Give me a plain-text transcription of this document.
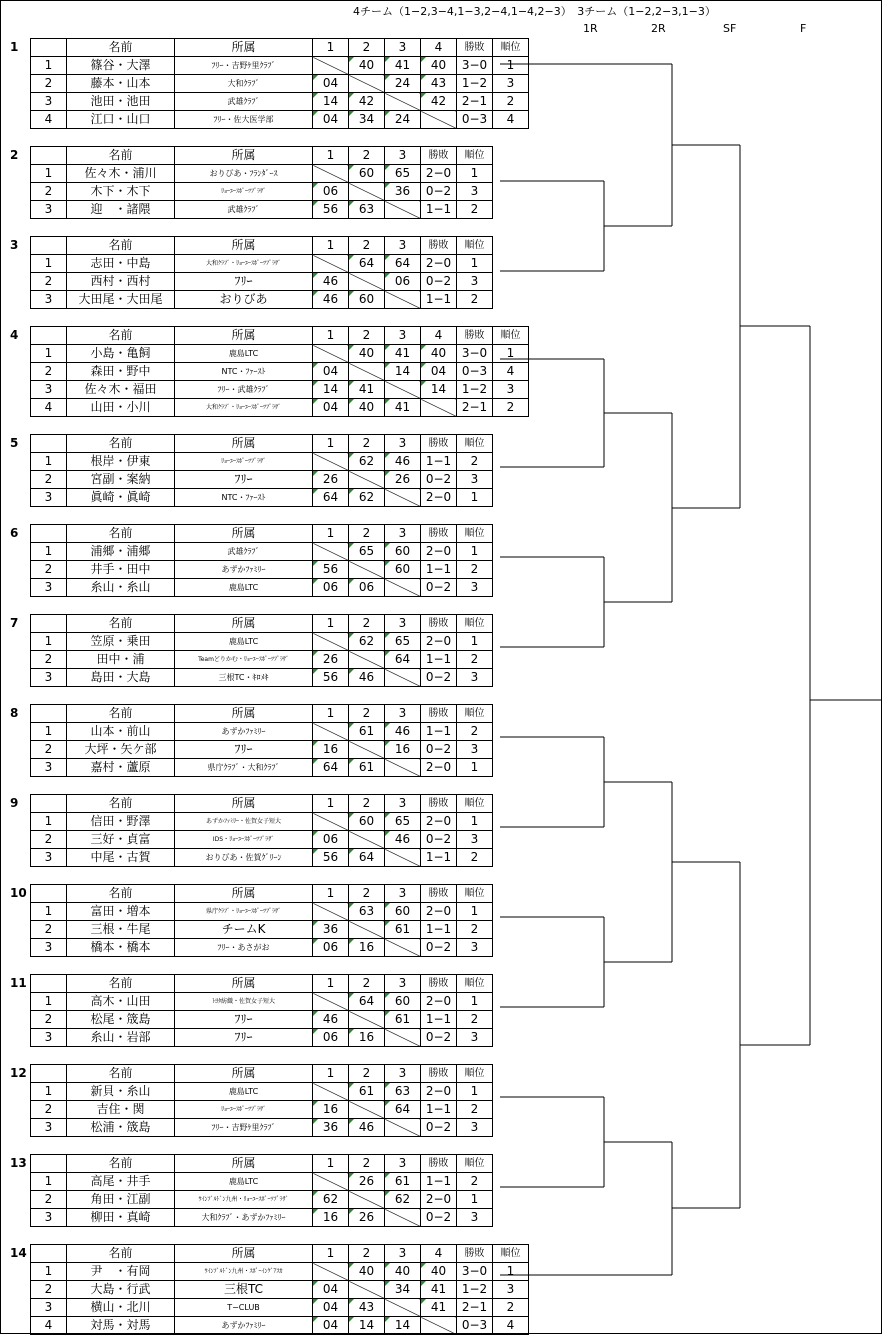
4チーム（1−2,3−4,1−3,2−4,1−4,2−3）　3チーム（1−2,2−3,1−3）
1R	2R	SF	F
1
		名前	所属	1	2	3	4	勝敗	順位
1	篠谷・大澤	ﾌﾘｰ・吉野ｹ里ｸﾗﾌﾞ		40	41	40	3−0	1
2	藤本・山本	大和ｸﾗﾌﾞ	04		24	43	1−2	3
3	池田・池田	武雄ｸﾗﾌﾞ	14	42		42	2−1	2
4	江口・山口	ﾌﾘｰ・佐大医学部	04	34	24		0−3	4
2
		名前	所属	1	2	3	勝敗	順位
1	佐々木・浦川	おりびあ・ﾌﾗﾝﾀﾞｰｽ		60	65	2−0	1
2	木下・木下	ﾘｮｰﾕｰｽﾎﾟｰﾂﾌﾟﾗｻﾞ	06		36	0−2	3
3	迎　・諸隈	武雄ｸﾗﾌﾞ	56	63		1−1	2
3
		名前	所属	1	2	3	勝敗	順位
1	志田・中島	大和ｸﾗﾌﾞ・ﾘｮｰﾕｰｽﾎﾟｰﾂﾌﾟﾗｻﾞ		64	64	2−0	1
2	西村・西村	ﾌﾘｰ	46		06	0−2	3
3	大田尾・大田尾	おりびあ	46	60		1−1	2
4
		名前	所属	1	2	3	4	勝敗	順位
1	小島・亀飼	鹿島LTC		40	41	40	3−0	1
2	森田・野中	NTC・ﾌｧｰｽﾄ	04		14	04	0−3	4
3	佐々木・福田	ﾌﾘｰ・武雄ｸﾗﾌﾞ	14	41		14	1−2	3
4	山田・小川	大和ｸﾗﾌﾞ・ﾘｮｰﾕｰｽﾎﾟｰﾂﾌﾟﾗｻﾞ	04	40	41		2−1	2
5
		名前	所属	1	2	3	勝敗	順位
1	根岸・伊東	ﾘｮｰﾕｰｽﾎﾟｰﾂﾌﾟﾗｻﾞ		62	46	1−1	2
2	宮副・案納	ﾌﾘｰ	26		26	0−2	3
3	眞崎・眞崎	NTC・ﾌｧｰｽﾄ	64	62		2−0	1
6
		名前	所属	1	2	3	勝敗	順位
1	浦郷・浦郷	武雄ｸﾗﾌﾞ		65	60	2−0	1
2	井手・田中	あずかﾌｧﾐﾘｰ	56		60	1−1	2
3	糸山・糸山	鹿島LTC	06	06		0−2	3
7
		名前	所属	1	2	3	勝敗	順位
1	笠原・乗田	鹿島LTC		62	65	2−0	1
2	田中・浦	Teamどりかむ・ﾘｮｰﾕｰｽﾎﾟｰﾂﾌﾟﾗｻﾞ	26		64	1−1	2
3	島田・大島	三根TC・ｷﾛﾒｷ	56	46		0−2	3
8
		名前	所属	1	2	3	勝敗	順位
1	山本・前山	あずかﾌｧﾐﾘｰ		61	46	1−1	2
2	大坪・矢ケ部	ﾌﾘｰ	16		16	0−2	3
3	嘉村・蘆原	県庁ｸﾗﾌﾞ・大和ｸﾗﾌﾞ	64	61		2−0	1
9
		名前	所属	1	2	3	勝敗	順位
1	信田・野澤	あずかﾌｧﾐﾘｰ・佐賀女子短大		60	65	2−0	1
2	三好・貞富	IDS・ﾘｮｰﾕｰｽﾎﾟｰﾂﾌﾟﾗｻﾞ	06		46	0−2	3
3	中尾・古賀	おりびあ・佐賀ｸﾞﾘｰﾝ	56	64		1−1	2
10
		名前	所属	1	2	3	勝敗	順位
1	富田・増本	県庁ｸﾗﾌﾞ・ﾘｮｰﾕｰｽﾎﾟｰﾂﾌﾟﾗｻﾞ		63	60	2−0	1
2	三根・牛尾	チームK	36		61	1−1	2
3	橋本・橋本	ﾌﾘｰ・あさがお	06	16		0−2	3
11
		名前	所属	1	2	3	勝敗	順位
1	高木・山田	ﾄﾖﾀ紡織・佐賀女子短大		64	60	2−0	1
2	松尾・筬島	ﾌﾘｰ	46		61	1−1	2
3	糸山・岩部	ﾌﾘｰ	06	16		0−2	3
12
		名前	所属	1	2	3	勝敗	順位
1	新貝・糸山	鹿島LTC		61	63	2−0	1
2	吉住・関	ﾘｮｰﾕｰｽﾎﾟｰﾂﾌﾟﾗｻﾞ	16		64	1−1	2
3	松浦・筬島	ﾌﾘｰ・吉野ｹ里ｸﾗﾌﾞ	36	46		0−2	3
13
		名前	所属	1	2	3	勝敗	順位
1	高尾・井手	鹿島LTC		26	61	1−1	2
2	角田・江副	ｳｲﾝﾌﾞﾙﾄﾞﾝ九州・ﾘｮｰﾕｰｽﾎﾟｰﾂﾌﾟﾗｻﾞ	62		62	2−0	1
3	柳田・真崎	大和ｸﾗﾌﾞ・あずかﾌｧﾐﾘｰ	16	26		0−2	3
14
		名前	所属	1	2	3	4	勝敗	順位
1	尹　・有岡	ｳｲﾝﾌﾞﾙﾄﾞﾝ九州・ｽﾎﾟｰｲﾝｸﾞｱｽｶ		40	40	40	3−0	1
2	大島・行武	三根TC	04		34	41	1−2	3
3	横山・北川	T−CLUB	04	43		41	2−1	2
4	対馬・対馬	あずかﾌｧﾐﾘｰ	04	14	14		0−3	4
